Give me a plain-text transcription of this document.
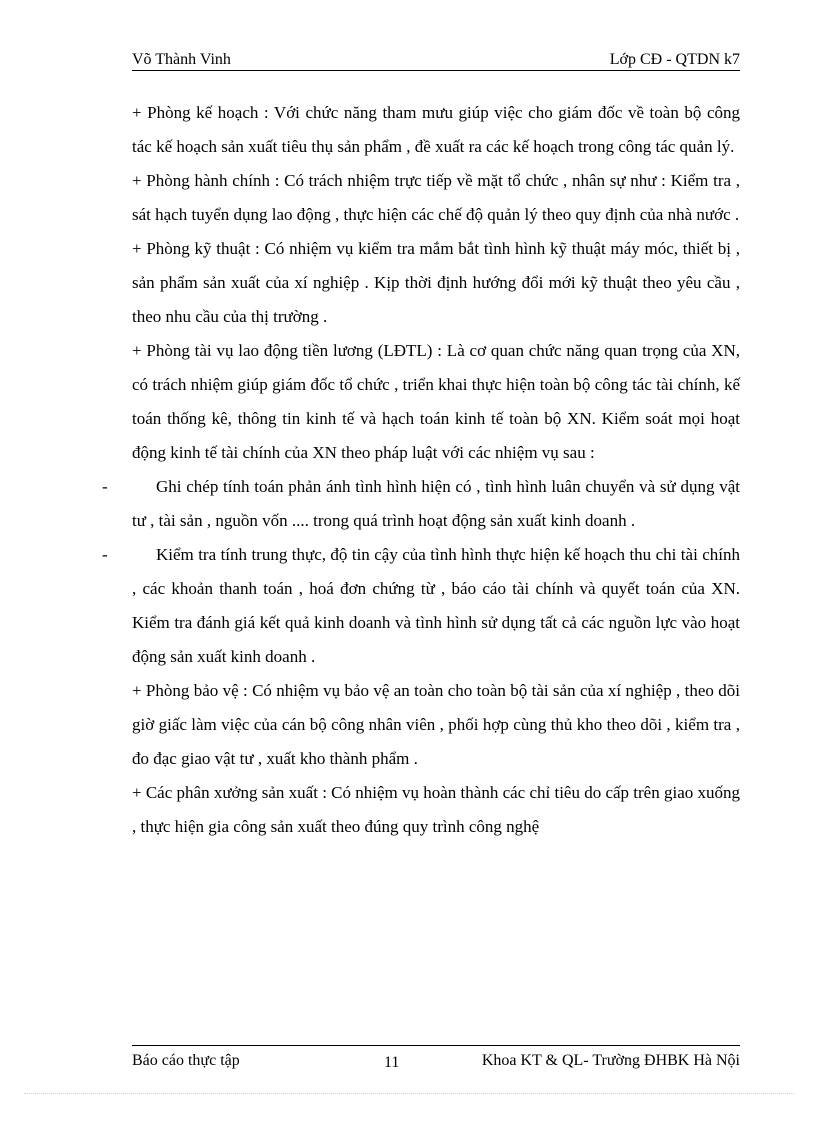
Võ Thành Vinh	Lớp CĐ - QTDN k7

+ Phòng kế hoạch : Với chức năng tham mưu giúp việc cho giám đốc về toàn bộ công tác kế hoạch sản xuất tiêu thụ sản phẩm , đề xuất ra các kế hoạch trong công tác quản lý.

+ Phòng hành chính : Có trách nhiệm trực tiếp về mặt tổ chức , nhân sự như : Kiểm tra , sát hạch tuyển dụng lao động , thực hiện các chế độ quản lý theo quy định của nhà nước .

+ Phòng kỹ thuật : Có nhiệm vụ kiểm tra mắm bắt tình hình kỹ thuật máy móc, thiết bị , sản phẩm sản xuất của xí nghiệp . Kịp thời định hướng đổi mới kỹ thuật theo yêu cầu , theo nhu cầu của thị trường .

+ Phòng tài vụ lao động tiền lương (LĐTL) : Là cơ quan chức năng quan trọng của XN, có trách nhiệm giúp giám đốc tổ chức , triển khai thực hiện toàn bộ công tác tài chính, kế toán thống kê, thông tin kinh tế và hạch toán kinh tế toàn bộ XN. Kiểm soát mọi hoạt động kinh tế tài chính của XN theo pháp luật với các nhiệm vụ sau :

-	Ghi chép tính toán phản ánh tình hình hiện có , tình hình luân chuyển và sử dụng vật tư , tài sản , nguồn vốn .... trong quá trình hoạt động sản xuất kinh doanh .

-	Kiểm tra tính trung thực, độ tin cậy của tình hình thực hiện kế hoạch thu chi tài chính , các khoản thanh toán , hoá đơn chứng từ , báo cáo tài chính và quyết toán của XN. Kiểm tra đánh giá kết quả kinh doanh và tình hình sử dụng tất cả các nguồn lực vào hoạt động sản xuất kinh doanh .

+ Phòng bảo vệ : Có nhiệm vụ bảo vệ an toàn cho toàn bộ tài sản của xí nghiệp , theo dõi giờ giấc làm việc của cán bộ công nhân viên , phối hợp cùng thủ kho theo dõi , kiểm tra , đo đạc giao vật tư , xuất kho thành phẩm .

+ Các phân xưởng sản xuất : Có nhiệm vụ hoàn thành các chỉ tiêu do cấp trên giao xuống , thực hiện gia công sản xuất theo đúng quy trình công nghệ

Báo cáo thực tập	11	Khoa KT & QL- Trường ĐHBK Hà Nội
